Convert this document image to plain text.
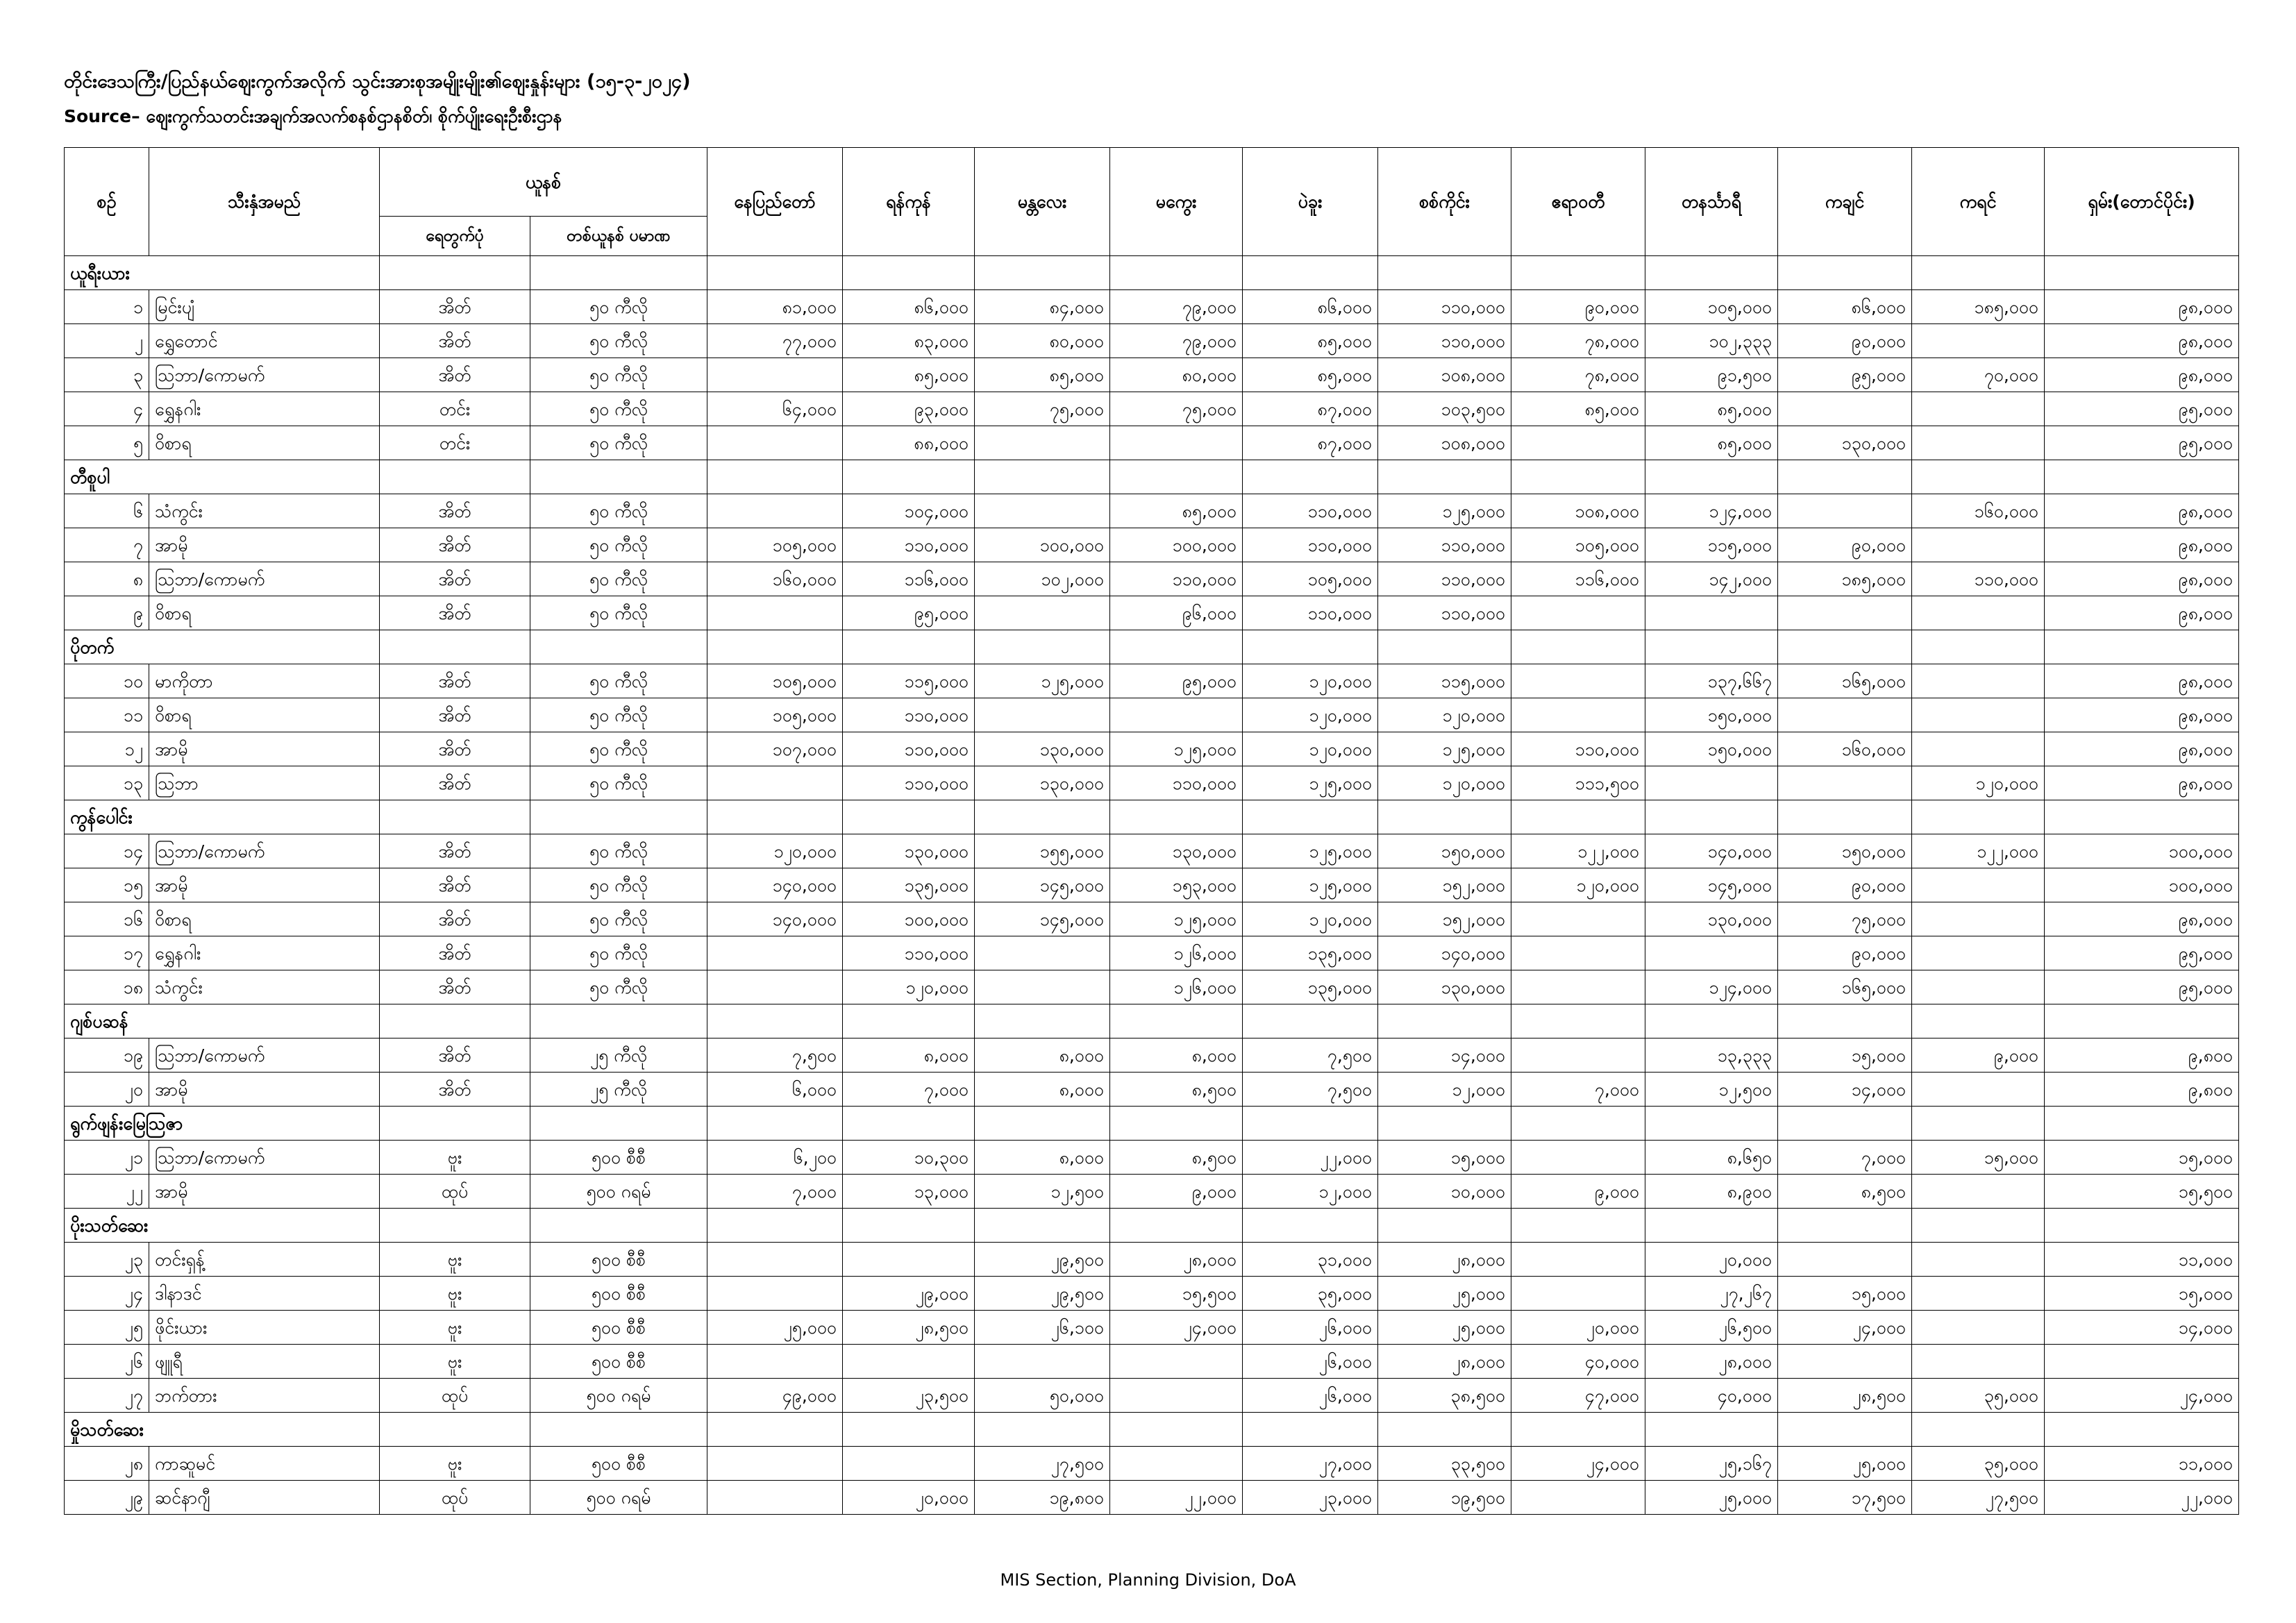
တိုင်းဒေသကြီး/ပြည်နယ်ဈေးကွက်အလိုက် သွင်းအားစုအမျိုးမျိုး၏ဈေးနှုန်းများ (၁၅-၃-၂၀၂၄)
Source– ဈေးကွက်သတင်းအချက်အလက်စနစ်ဌာနစိတ်၊ စိုက်ပျိုးရေးဦးစီးဌာန
စဉ်	သီးနှံအမည်	ယူနစ်		နေပြည်တော်	ရန်ကုန်	မန္တလေး	မကွေး	ပဲခူး	စစ်ကိုင်း	ဧရာဝတီ	တနင်္သာရီ	ကချင်	ကရင်	ရှမ်း(တောင်ပိုင်း)
		ရေတွက်ပုံ	တစ်ယူနစ် ပမာဏ											
ယူရီးယား														
၁	မြင်းပျံ	အိတ်	၅၀ ကီလို	၈၁,၀၀၀	၈၆,၀၀၀	၈၄,၀၀၀	၇၉,၀၀၀	၈၆,၀၀၀	၁၁၀,၀၀၀	၉၀,၀၀၀	၁၀၅,၀၀၀	၈၆,၀၀၀	၁၈၅,၀၀၀	၉၈,၀၀၀
၂	ရွှေတောင်	အိတ်	၅၀ ကီလို	၇၇,၀၀၀	၈၃,၀၀၀	၈၀,၀၀၀	၇၉,၀၀၀	၈၅,၀၀၀	၁၁၀,၀၀၀	၇၈,၀၀၀	၁၀၂,၃၃၃	၉၀,၀၀၀		၉၈,၀၀၀
၃	သြဘာ/ကောမက်	အိတ်	၅၀ ကီလို		၈၅,၀၀၀	၈၅,၀၀၀	၈၀,၀၀၀	၈၅,၀၀၀	၁၀၈,၀၀၀	၇၈,၀၀၀	၉၁,၅၀၀	၉၅,၀၀၀	၇၀,၀၀၀	၉၈,၀၀၀
၄	ရွှေနဂါး	တင်း	၅၀ ကီလို	၆၄,၀၀၀	၉၃,၀၀၀	၇၅,၀၀၀	၇၅,၀၀၀	၈၇,၀၀၀	၁၀၃,၅၀၀	၈၅,၀၀၀	၈၅,၀၀၀			၉၅,၀၀၀
၅	ဝိစာရ	တင်း	၅၀ ကီလို		၈၈,၀၀၀			၈၇,၀၀၀	၁၀၈,၀၀၀		၈၅,၀၀၀	၁၃၀,၀၀၀		၉၅,၀၀၀
တီစူပါ														
၆	သံကွင်း	အိတ်	၅၀ ကီလို		၁၀၄,၀၀၀		၈၅,၀၀၀	၁၁၀,၀၀၀	၁၂၅,၀၀၀	၁၀၈,၀၀၀	၁၂၄,၀၀၀		၁၆၀,၀၀၀	၉၈,၀၀၀
၇	အာမို	အိတ်	၅၀ ကီလို	၁၀၅,၀၀၀	၁၁၀,၀၀၀	၁၀၀,၀၀၀	၁၀၀,၀၀၀	၁၁၀,၀၀၀	၁၁၀,၀၀၀	၁၀၅,၀၀၀	၁၁၅,၀၀၀	၉၀,၀၀၀		၉၈,၀၀၀
၈	သြဘာ/ကောမက်	အိတ်	၅၀ ကီလို	၁၆၀,၀၀၀	၁၁၆,၀၀၀	၁၀၂,၀၀၀	၁၁၀,၀၀၀	၁၀၅,၀၀၀	၁၁၀,၀၀၀	၁၁၆,၀၀၀	၁၄၂,၀၀၀	၁၈၅,၀၀၀	၁၁၀,၀၀၀	၉၈,၀၀၀
၉	ဝိစာရ	အိတ်	၅၀ ကီလို		၉၅,၀၀၀		၉၆,၀၀၀	၁၁၀,၀၀၀	၁၁၀,၀၀၀					၉၈,၀၀၀
ပိုတက်														
၁၀	မာကိုတာ	အိတ်	၅၀ ကီလို	၁၀၅,၀၀၀	၁၁၅,၀၀၀	၁၂၅,၀၀၀	၉၅,၀၀၀	၁၂၀,၀၀၀	၁၁၅,၀၀၀		၁၃၇,၆၆၇	၁၆၅,၀၀၀		၉၈,၀၀၀
၁၁	ဝိစာရ	အိတ်	၅၀ ကီလို	၁၀၅,၀၀၀	၁၁၀,၀၀၀			၁၂၀,၀၀၀	၁၂၀,၀၀၀		၁၅၀,၀၀၀			၉၈,၀၀၀
၁၂	အာမို	အိတ်	၅၀ ကီလို	၁၀၇,၀၀၀	၁၁၀,၀၀၀	၁၃၀,၀၀၀	၁၂၅,၀၀၀	၁၂၀,၀၀၀	၁၂၅,၀၀၀	၁၁၀,၀၀၀	၁၅၀,၀၀၀	၁၆၀,၀၀၀		၉၈,၀၀၀
၁၃	သြဘာ	အိတ်	၅၀ ကီလို		၁၁၀,၀၀၀	၁၃၀,၀၀၀	၁၁၀,၀၀၀	၁၂၅,၀၀၀	၁၂၀,၀၀၀	၁၁၁,၅၀၀			၁၂၀,၀၀၀	၉၈,၀၀၀
ကွန်ပေါင်း														
၁၄	သြဘာ/ကောမက်	အိတ်	၅၀ ကီလို	၁၂၀,၀၀၀	၁၃၀,၀၀၀	၁၅၅,၀၀၀	၁၃၀,၀၀၀	၁၂၅,၀၀၀	၁၅၀,၀၀၀	၁၂၂,၀၀၀	၁၄၀,၀၀၀	၁၅၀,၀၀၀	၁၂၂,၀၀၀	၁၀၀,၀၀၀
၁၅	အာမို	အိတ်	၅၀ ကီလို	၁၄၀,၀၀၀	၁၃၅,၀၀၀	၁၄၅,၀၀၀	၁၅၃,၀၀၀	၁၂၅,၀၀၀	၁၅၂,၀၀၀	၁၂၀,၀၀၀	၁၄၅,၀၀၀	၉၀,၀၀၀		၁၀၀,၀၀၀
၁၆	ဝိစာရ	အိတ်	၅၀ ကီလို	၁၄၀,၀၀၀	၁၀၀,၀၀၀	၁၄၅,၀၀၀	၁၂၅,၀၀၀	၁၂၀,၀၀၀	၁၅၂,၀၀၀		၁၃၀,၀၀၀	၇၅,၀၀၀		၉၈,၀၀၀
၁၇	ရွှေနဂါး	အိတ်	၅၀ ကီလို		၁၁၀,၀၀၀		၁၂၆,၀၀၀	၁၃၅,၀၀၀	၁၄၀,၀၀၀			၉၀,၀၀၀		၉၅,၀၀၀
၁၈	သံကွင်း	အိတ်	၅၀ ကီလို		၁၂၀,၀၀၀		၁၂၆,၀၀၀	၁၃၅,၀၀၀	၁၃၀,၀၀၀		၁၂၄,၀၀၀	၁၆၅,၀၀၀		၉၅,၀၀၀
ဂျစ်ပဆန်														
၁၉	သြဘာ/ကောမက်	အိတ်	၂၅ ကီလို	၇,၅၀၀	၈,၀၀၀	၈,၀၀၀	၈,၀၀၀	၇,၅၀၀	၁၄,၀၀၀		၁၃,၃၃၃	၁၅,၀၀၀	၉,၀၀၀	၉,၈၀၀
၂၀	အာမို	အိတ်	၂၅ ကီလို	၆,၀၀၀	၇,၀၀၀	၈,၀၀၀	၈,၅၀၀	၇,၅၀၀	၁၂,၀၀၀	၇,၀၀၀	၁၂,၅၀၀	၁၄,၀၀၀		၉,၈၀၀
ရွက်ဖျန်းမြေဩဇာ														
၂၁	သြဘာ/ကောမက်	ဗူး	၅၀၀ စီစီ	၆,၂၀၀	၁၀,၃၀၀	၈,၀၀၀	၈,၅၀၀	၂၂,၀၀၀	၁၅,၀၀၀		၈,၆၅၀	၇,၀၀၀	၁၅,၀၀၀	၁၅,၀၀၀
၂၂	အာမို	ထုပ်	၅၀၀ ဂရမ်	၇,၀၀၀	၁၃,၀၀၀	၁၂,၅၀၀	၉,၀၀၀	၁၂,၀၀၀	၁၀,၀၀၀	၉,၀၀၀	၈,၉၀၀	၈,၅၀၀		၁၅,၅၀၀
ပိုးသတ်ဆေး														
၂၃	တင်းရှန့်	ဗူး	၅၀၀ စီစီ			၂၉,၅၀၀	၂၈,၀၀၀	၃၁,၀၀၀	၂၈,၀၀၀		၂၀,၀၀၀			၁၁,၀၀၀
၂၄	ဒါနာဒင်	ဗူး	၅၀၀ စီစီ		၂၉,၀၀၀	၂၉,၅၀၀	၁၅,၅၀၀	၃၅,၀၀၀	၂၅,၀၀၀		၂၇,၂၆၇	၁၅,၀၀၀		၁၅,၀၀၀
၂၅	ဖိုင်းယား	ဗူး	၅၀၀ စီစီ	၂၅,၀၀၀	၂၈,၅၀၀	၂၆,၁၀၀	၂၄,၀၀၀	၂၆,၀၀၀	၂၅,၀၀၀	၂၀,၀၀၀	၂၆,၅၀၀	၂၄,၀၀၀		၁၄,၀၀၀
၂၆	ဖျူရီ	ဗူး	၅၀၀ စီစီ					၂၆,၀၀၀	၂၈,၀၀၀	၄၀,၀၀၀	၂၈,၀၀၀			
၂၇	ဘက်တား	ထုပ်	၅၀၀ ဂရမ်	၄၉,၀၀၀	၂၃,၅၀၀	၅၀,၀၀၀		၂၆,၀၀၀	၃၈,၅၀၀	၄၇,၀၀၀	၄၀,၀၀၀	၂၈,၅၀၀	၃၅,၀၀၀	၂၄,၀၀၀
မှိုသတ်ဆေး														
၂၈	ကာဆူမင်	ဗူး	၅၀၀ စီစီ			၂၇,၅၀၀		၂၇,၀၀၀	၃၃,၅၀၀	၂၄,၀၀၀	၂၅,၁၆၇	၂၅,၀၀၀	၃၅,၀၀၀	၁၁,၀၀၀
၂၉	ဆင်နာဂျီ	ထုပ်	၅၀၀ ဂရမ်		၂၀,၀၀၀	၁၉,၈၀၀	၂၂,၀၀၀	၂၃,၀၀၀	၁၉,၅၀၀		၂၅,၀၀၀	၁၇,၅၀၀	၂၇,၅၀၀	၂၂,၀၀၀
MIS Section, Planning Division, DoA
